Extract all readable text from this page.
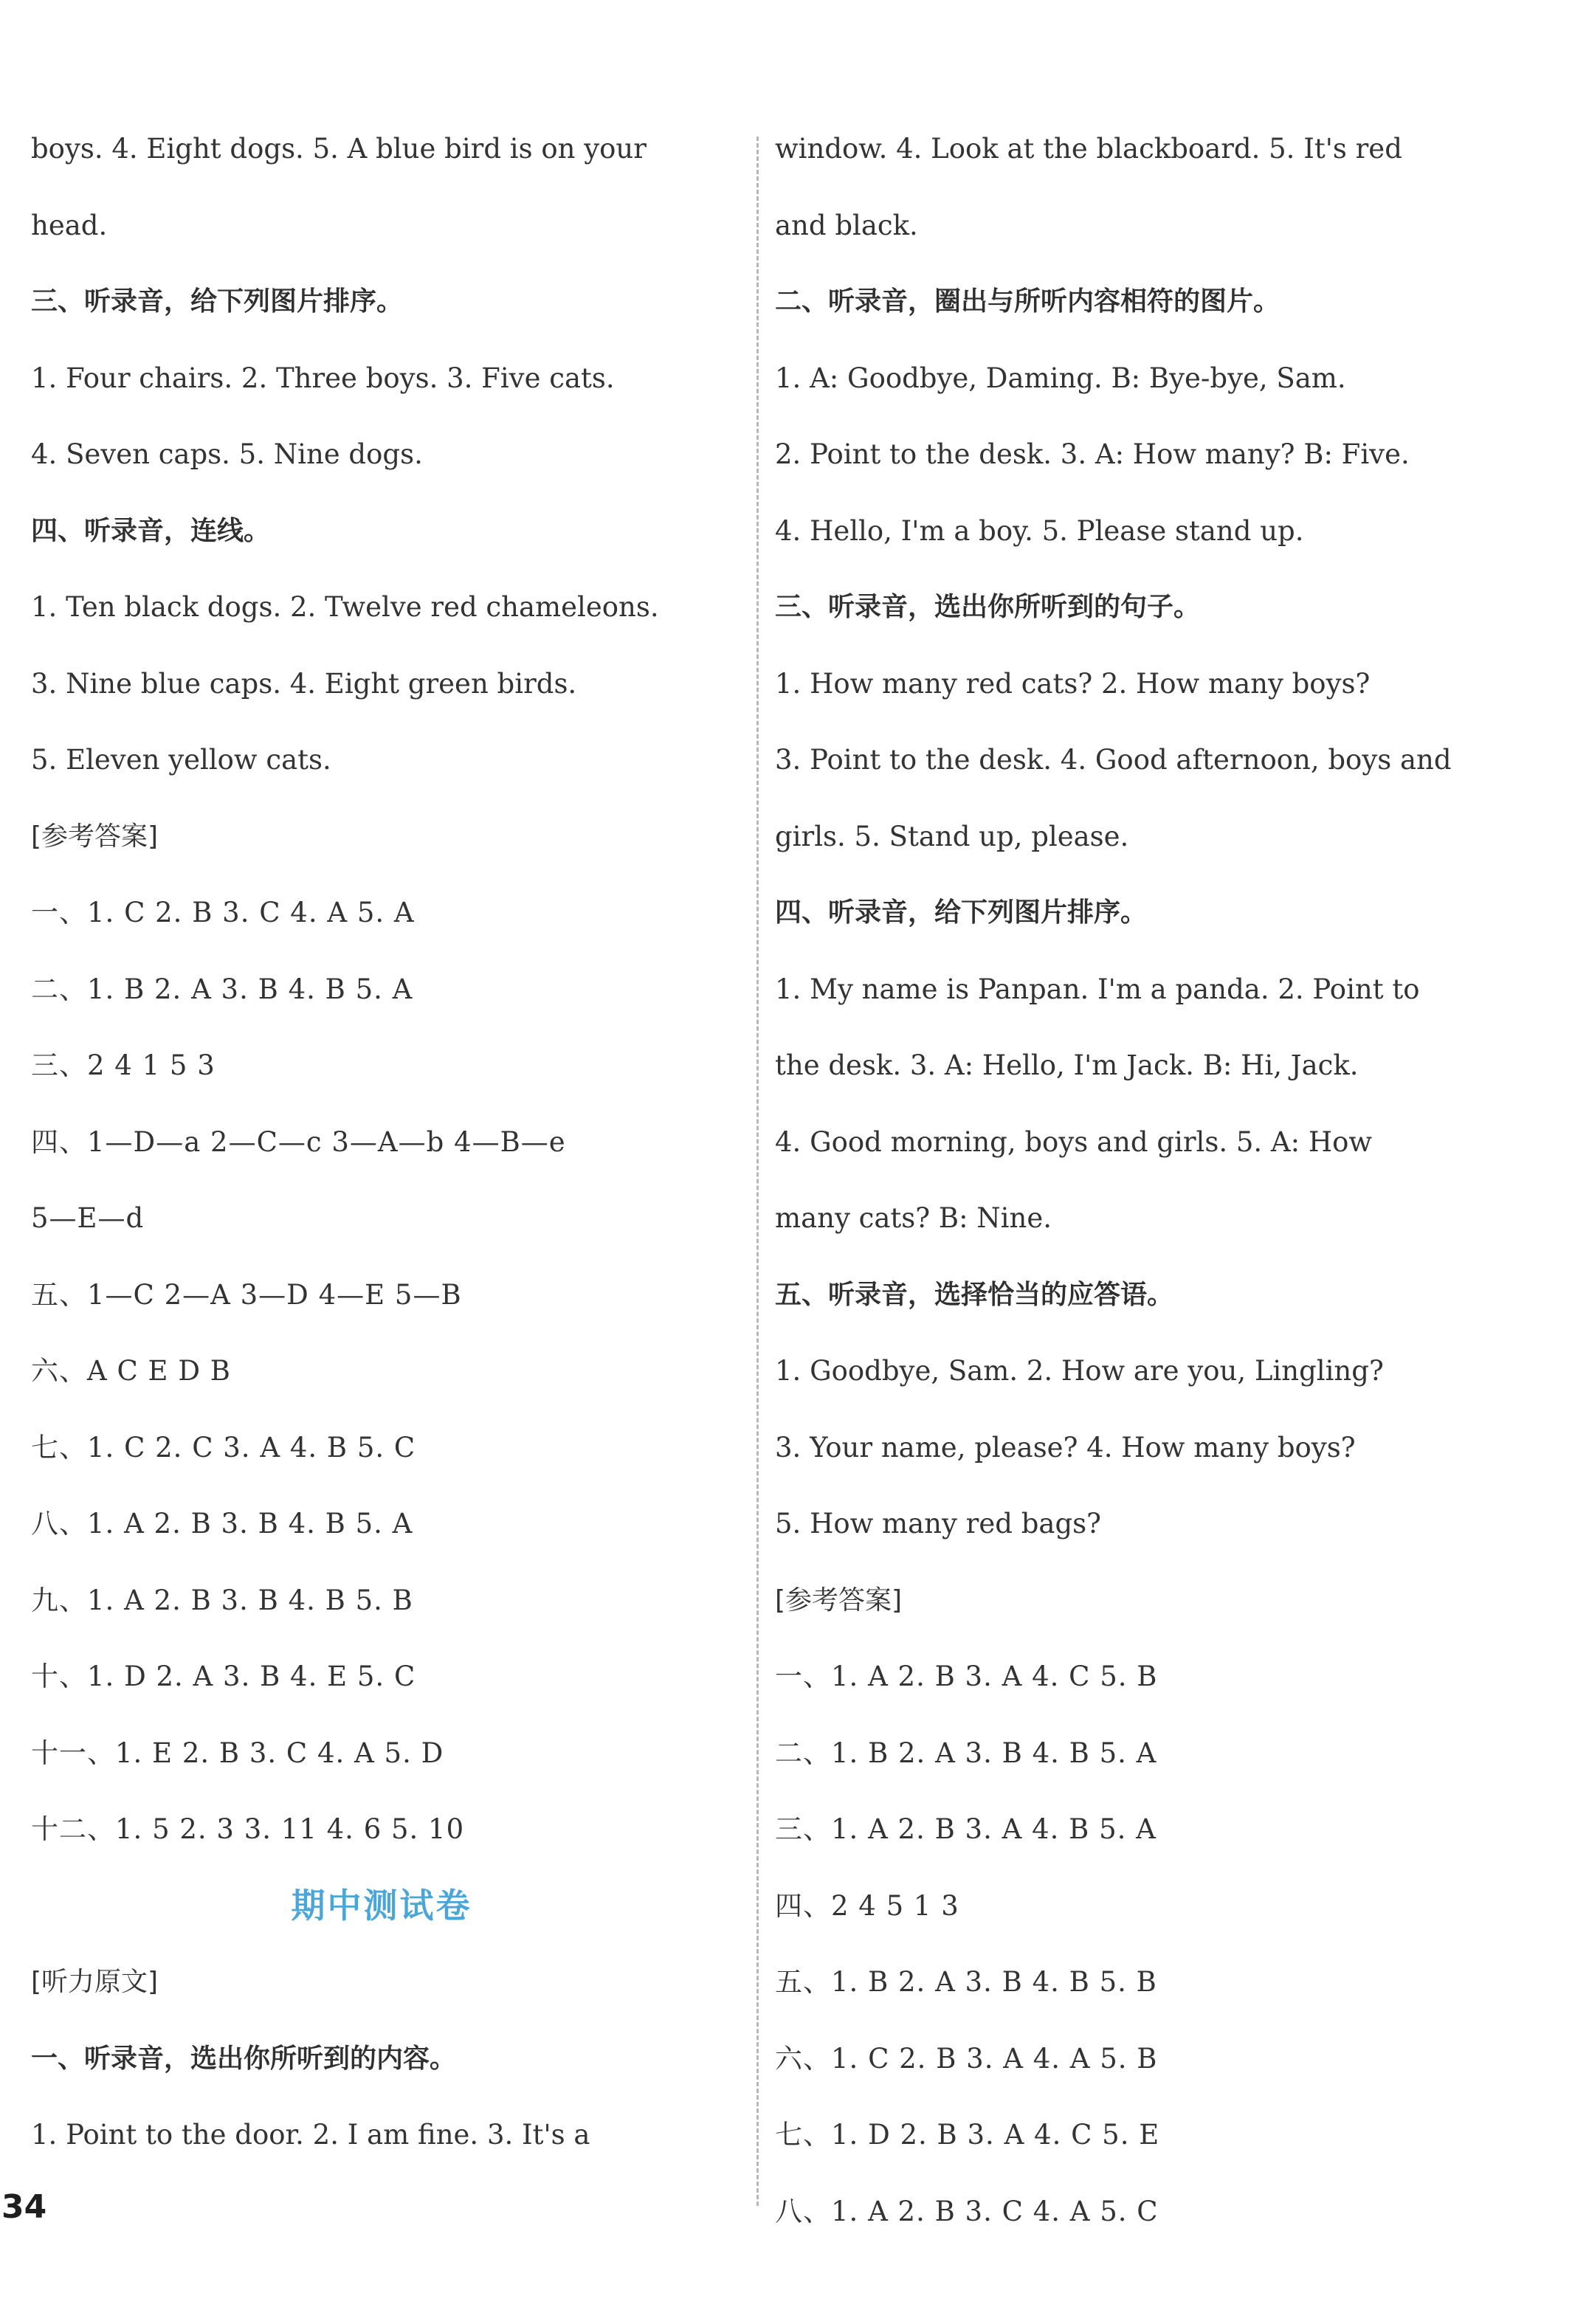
boys. 4. Eight dogs. 5. A blue bird is on your
head.
三、听录音，给下列图片排序。
1. Four chairs. 2. Three boys. 3. Five cats.
4. Seven caps. 5. Nine dogs.
四、听录音，连线。
1. Ten black dogs. 2. Twelve red chameleons.
3. Nine blue caps. 4. Eight green birds.
5. Eleven yellow cats.
[参考答案]
一、1. C 2. B 3. C 4. A 5. A
二、1. B 2. A 3. B 4. B 5. A
三、2 4 1 5 3
四、1—D—a 2—C—c 3—A—b 4—B—e
5—E—d
五、1—C 2—A 3—D 4—E 5—B
六、A C E D B
七、1. C 2. C 3. A 4. B 5. C
八、1. A 2. B 3. B 4. B 5. A
九、1. A 2. B 3. B 4. B 5. B
十、1. D 2. A 3. B 4. E 5. C
十一、1. E 2. B 3. C 4. A 5. D
十二、1. 5 2. 3 3. 11 4. 6 5. 10
期中测试卷
[听力原文]
一、听录音，选出你所听到的内容。
1. Point to the door. 2. I am fine. 3. It's a
window. 4. Look at the blackboard. 5. It's red
and black.
二、听录音，圈出与所听内容相符的图片。
1. A: Goodbye, Daming. B: Bye-bye, Sam.
2. Point to the desk. 3. A: How many? B: Five.
4. Hello, I'm a boy. 5. Please stand up.
三、听录音，选出你所听到的句子。
1. How many red cats? 2. How many boys?
3. Point to the desk. 4. Good afternoon, boys and
girls. 5. Stand up, please.
四、听录音，给下列图片排序。
1. My name is Panpan. I'm a panda. 2. Point to
the desk. 3. A: Hello, I'm Jack. B: Hi, Jack.
4. Good morning, boys and girls. 5. A: How
many cats? B: Nine.
五、听录音，选择恰当的应答语。
1. Goodbye, Sam. 2. How are you, Lingling?
3. Your name, please? 4. How many boys?
5. How many red bags?
[参考答案]
一、1. A 2. B 3. A 4. C 5. B
二、1. B 2. A 3. B 4. B 5. A
三、1. A 2. B 3. A 4. B 5. A
四、2 4 5 1 3
五、1. B 2. A 3. B 4. B 5. B
六、1. C 2. B 3. A 4. A 5. B
七、1. D 2. B 3. A 4. C 5. E
八、1. A 2. B 3. C 4. A 5. C
34
